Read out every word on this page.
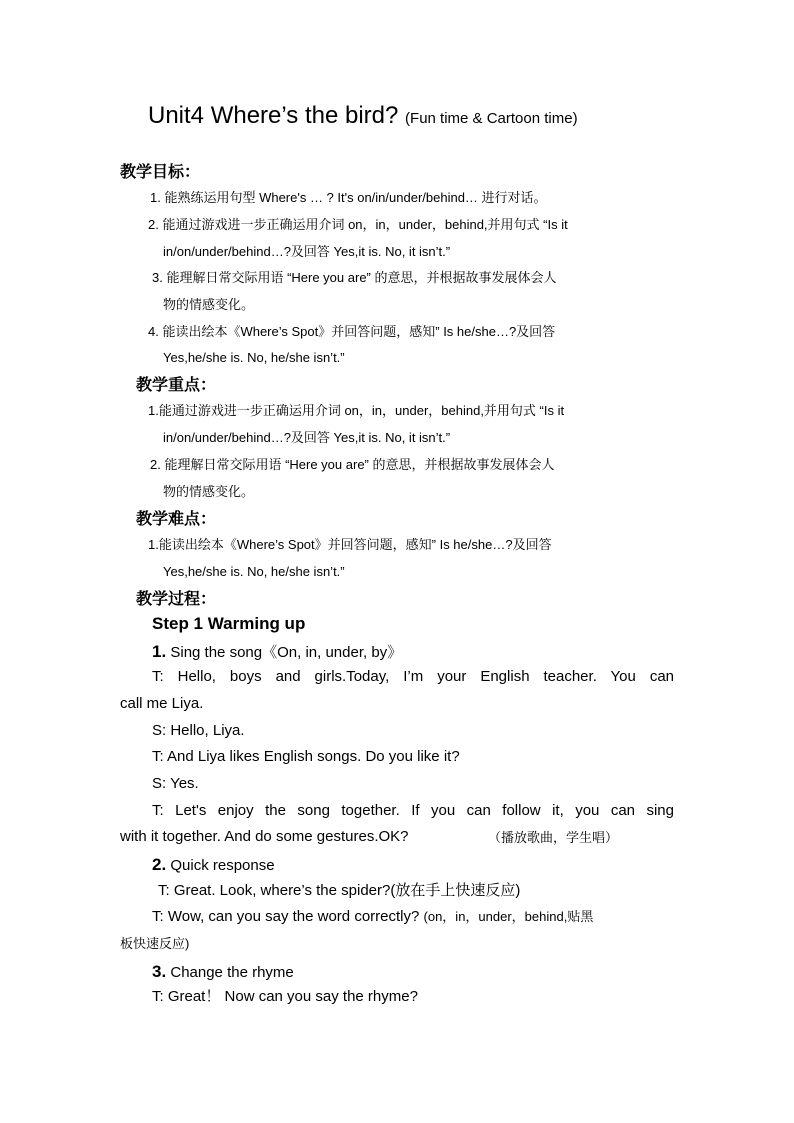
Unit4 Where’s the bird? (Fun time & Cartoon time)
教学目标：
1. 能熟练运用句型 Where's … ? It's on/in/under/behind… 进行对话。
2. 能通过游戏进一步正确运用介词 on，in，under，behind,并用句式 “Is it
in/on/under/behind…?及回答 Yes,it is. No, it isn’t.”
3. 能理解日常交际用语 “Here you are” 的意思，并根据故事发展体会人
物的情感变化。
4. 能读出绘本《Where’s Spot》并回答问题，感知” Is he/she…?及回答
Yes,he/she is. No, he/she isn’t.”
教学重点：
1.能通过游戏进一步正确运用介词 on，in，under，behind,并用句式 “Is it
in/on/under/behind…?及回答 Yes,it is. No, it isn’t.”
2. 能理解日常交际用语 “Here you are” 的意思，并根据故事发展体会人
物的情感变化。
教学难点：
1.能读出绘本《Where’s Spot》并回答问题，感知” Is he/she…?及回答
Yes,he/she is. No, he/she isn’t.”
教学过程：
Step 1 Warming up
1. Sing the song《On, in, under, by》
T: Hello, boys and girls.Today, I’m your English teacher. You can
call me Liya.
S: Hello, Liya.
T: And Liya likes English songs. Do you like it?
S: Yes.
T: Let's enjoy the song together. If you can follow it, you can sing
with it together. And do some gestures.OK?	（播放歌曲，学生唱）
2. Quick response
T: Great. Look, where’s the spider?(放在手上快速反应)
T: Wow, can you say the word correctly? (on，in，under，behind,贴黑
板快速反应)
3. Change the rhyme
T: Great！ Now can you say the rhyme?
